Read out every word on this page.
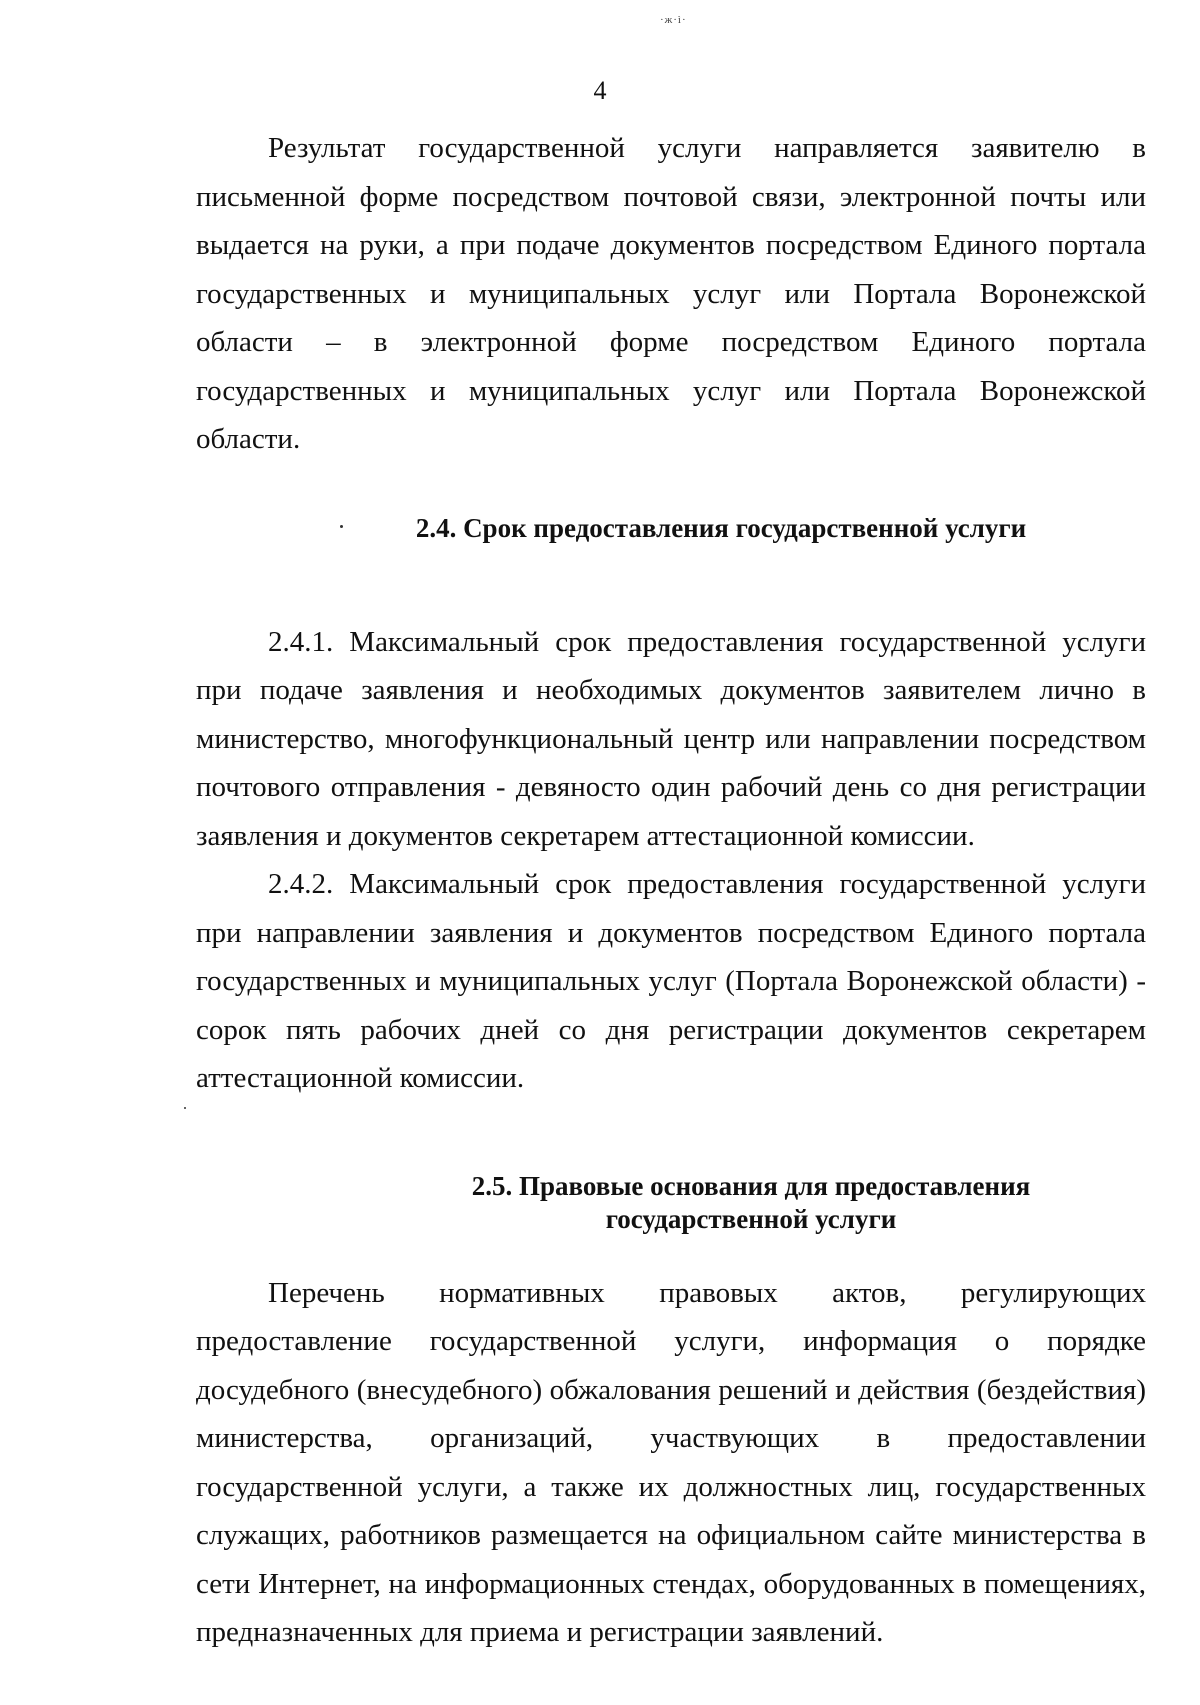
·ж·ì·
4

Результат государственной услуги направляется заявителю в письменной форме посредством почтовой связи, электронной почты или выдается на руки, а при подаче документов посредством Единого портала государственных и муниципальных услуг или Портала Воронежской области – в электронной форме посредством Единого портала государственных и муниципальных услуг или Портала Воронежской области.

2.4. Срок предоставления государственной услуги

2.4.1. Максимальный срок предоставления государственной услуги при подаче заявления и необходимых документов заявителем лично в министерство, многофункциональный центр или направлении посредством почтового отправления - девяносто один рабочий день со дня регистрации заявления и документов секретарем аттестационной комиссии.

2.4.2. Максимальный срок предоставления государственной услуги при направлении заявления и документов посредством Единого портала государственных и муниципальных услуг (Портала Воронежской области) - сорок пять рабочих дней со дня регистрации документов секретарем аттестационной комиссии.

2.5. Правовые основания для предоставления
государственной услуги

Перечень нормативных правовых актов, регулирующих предоставление государственной услуги, информация о порядке досудебного (внесудебного) обжалования решений и действия (бездействия) министерства, организаций, участвующих в предоставлении государственной услуги, а также их должностных лиц, государственных служащих, работников размещается на официальном сайте министерства в сети Интернет, на информационных стендах, оборудованных в помещениях, предназначенных для приема и регистрации заявлений.
